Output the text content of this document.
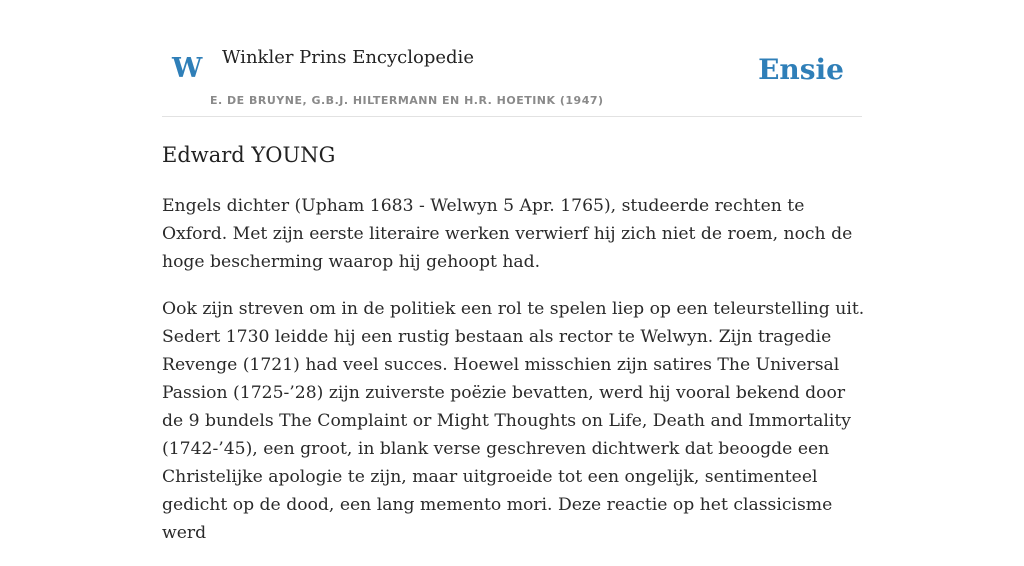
W Winkler Prins Encyclopedie
E. DE BRUYNE, G.B.J. HILTERMANN EN H.R. HOETINK (1947)
Ensie
Edward YOUNG

Engels dichter (Upham 1683 - Welwyn 5 Apr. 1765), studeerde rechten te Oxford. Met zijn eerste literaire werken verwierf hij zich niet de roem, noch de hoge bescherming waarop hij gehoopt had.

Ook zijn streven om in de politiek een rol te spelen liep op een teleurstelling uit. Sedert 1730 leidde hij een rustig bestaan als rector te Welwyn. Zijn tragedie Revenge (1721) had veel succes. Hoewel misschien zijn satires The Universal Passion (1725-’28) zijn zuiverste poëzie bevatten, werd hij vooral bekend door de 9 bundels The Complaint or Might Thoughts on Life, Death and Immortality (1742-’45), een groot, in blank verse geschreven dichtwerk dat beoogde een Christelijke apologie te zijn, maar uitgroeide tot een ongelijk, sentimenteel gedicht op de dood, een lang memento mori. Deze reactie op het classicisme werd
